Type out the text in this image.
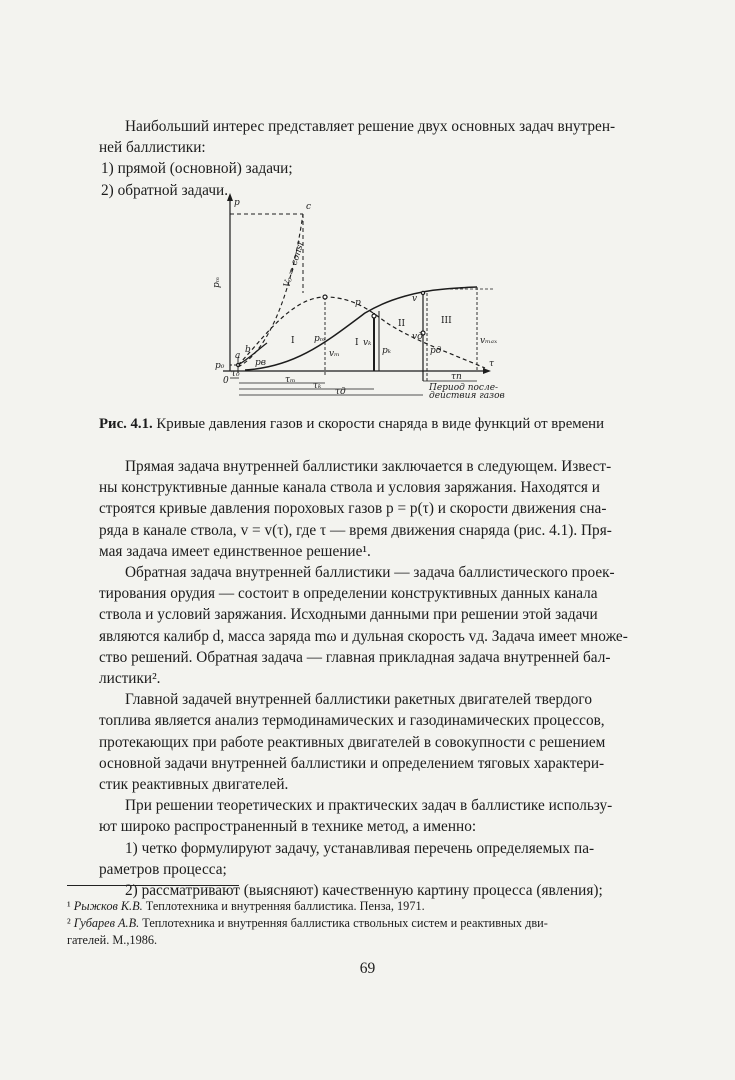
Наибольший интерес представляет решение двух основных задач внутрен-

ней баллистики:

1) прямой (основной) задачи;

2) обратной задачи.

p	c
V₀ = const
pₘ
p	v
I	I
II	III
pₘ
vₘ
vₖ
pₖ
vд
pд
vₘₐₓ
p₀
a
b
pв
0
τ
τ₀
τₘ
τₖ
τд
τп
Период после-
действия газов
Рис. 4.1. Кривые давления газов и скорости снаряда в виде функций от времени

Прямая задача внутренней баллистики заключается в следующем. Извест-

ны конструктивные данные канала ствола и условия заряжания. Находятся и

строятся кривые давления пороховых газов p = p(τ) и скорости движения сна-

ряда в канале ствола, v = v(τ), где τ — время движения снаряда (рис. 4.1). Пря-

мая задача имеет единственное решение¹.

Обратная задача внутренней баллистики — задача баллистического проек-

тирования орудия — состоит в определении конструктивных данных канала

ствола и условий заряжания. Исходными данными при решении этой задачи

являются калибр d, масса заряда mω и дульная скорость vд. Задача имеет множе-

ство решений. Обратная задача — главная прикладная задача внутренней бал-

листики².

Главной задачей внутренней баллистики ракетных двигателей твердого

топлива является анализ термодинамических и газодинамических процессов,

протекающих при работе реактивных двигателей в совокупности с решением

основной задачи внутренней баллистики и определением тяговых характери-

стик реактивных двигателей.

При решении теоретических и практических задач в баллистике использу-

ют широко распространенный в технике метод, а именно:

1) четко формулируют задачу, устанавливая перечень определяемых па-

раметров процесса;

2) рассматривают (выясняют) качественную картину процесса (явления);

¹ Рыжков К.В. Теплотехника и внутренняя баллистика. Пенза, 1971.
² Губарев А.В. Теплотехника и внутренняя баллистика ствольных систем и реактивных дви-
гателей. М.,1986.
69
